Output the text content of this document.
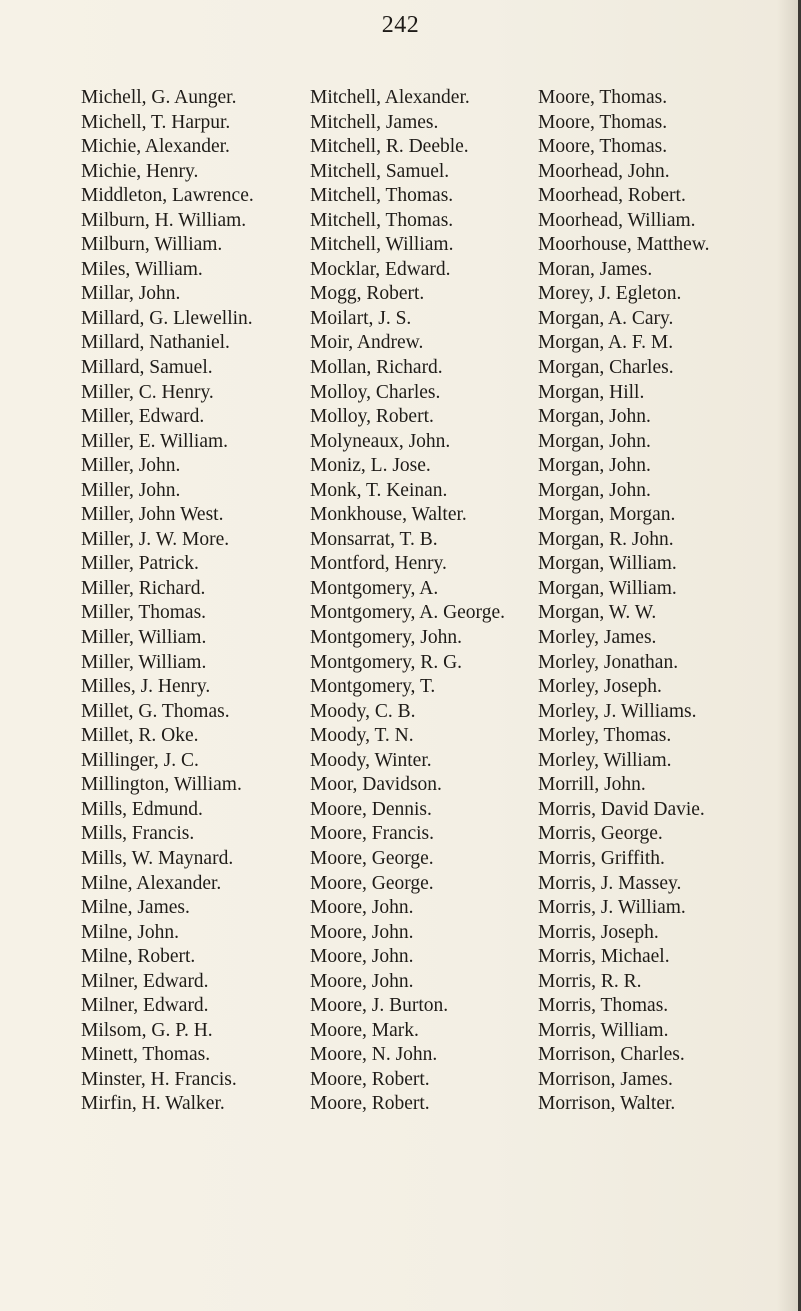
242
Michell, G. Aunger.
Michell, T. Harpur.
Michie, Alexander.
Michie, Henry.
Middleton, Lawrence.
Milburn, H. William.
Milburn, William.
Miles, William.
Millar, John.
Millard, G. Llewellin.
Millard, Nathaniel.
Millard, Samuel.
Miller, C. Henry.
Miller, Edward.
Miller, E. William.
Miller, John.
Miller, John.
Miller, John West.
Miller, J. W. More.
Miller, Patrick.
Miller, Richard.
Miller, Thomas.
Miller, William.
Miller, William.
Milles, J. Henry.
Millet, G. Thomas.
Millet, R. Oke.
Millinger, J. C.
Millington, William.
Mills, Edmund.
Mills, Francis.
Mills, W. Maynard.
Milne, Alexander.
Milne, James.
Milne, John.
Milne, Robert.
Milner, Edward.
Milner, Edward.
Milsom, G. P. H.
Minett, Thomas.
Minster, H. Francis.
Mirfin, H. Walker.
Mitchell, Alexander.
Mitchell, James.
Mitchell, R. Deeble.
Mitchell, Samuel.
Mitchell, Thomas.
Mitchell, Thomas.
Mitchell, William.
Mocklar, Edward.
Mogg, Robert.
Moilart, J. S.
Moir, Andrew.
Mollan, Richard.
Molloy, Charles.
Molloy, Robert.
Molyneaux, John.
Moniz, L. Jose.
Monk, T. Keinan.
Monkhouse, Walter.
Monsarrat, T. B.
Montford, Henry.
Montgomery, A.
Montgomery, A. George.
Montgomery, John.
Montgomery, R. G.
Montgomery, T.
Moody, C. B.
Moody, T. N.
Moody, Winter.
Moor, Davidson.
Moore, Dennis.
Moore, Francis.
Moore, George.
Moore, George.
Moore, John.
Moore, John.
Moore, John.
Moore, John.
Moore, J. Burton.
Moore, Mark.
Moore, N. John.
Moore, Robert.
Moore, Robert.
Moore, Thomas.
Moore, Thomas.
Moore, Thomas.
Moorhead, John.
Moorhead, Robert.
Moorhead, William.
Moorhouse, Matthew.
Moran, James.
Morey, J. Egleton.
Morgan, A. Cary.
Morgan, A. F. M.
Morgan, Charles.
Morgan, Hill.
Morgan, John.
Morgan, John.
Morgan, John.
Morgan, John.
Morgan, Morgan.
Morgan, R. John.
Morgan, William.
Morgan, William.
Morgan, W. W.
Morley, James.
Morley, Jonathan.
Morley, Joseph.
Morley, J. Williams.
Morley, Thomas.
Morley, William.
Morrill, John.
Morris, David Davie.
Morris, George.
Morris, Griffith.
Morris, J. Massey.
Morris, J. William.
Morris, Joseph.
Morris, Michael.
Morris, R. R.
Morris, Thomas.
Morris, William.
Morrison, Charles.
Morrison, James.
Morrison, Walter.
